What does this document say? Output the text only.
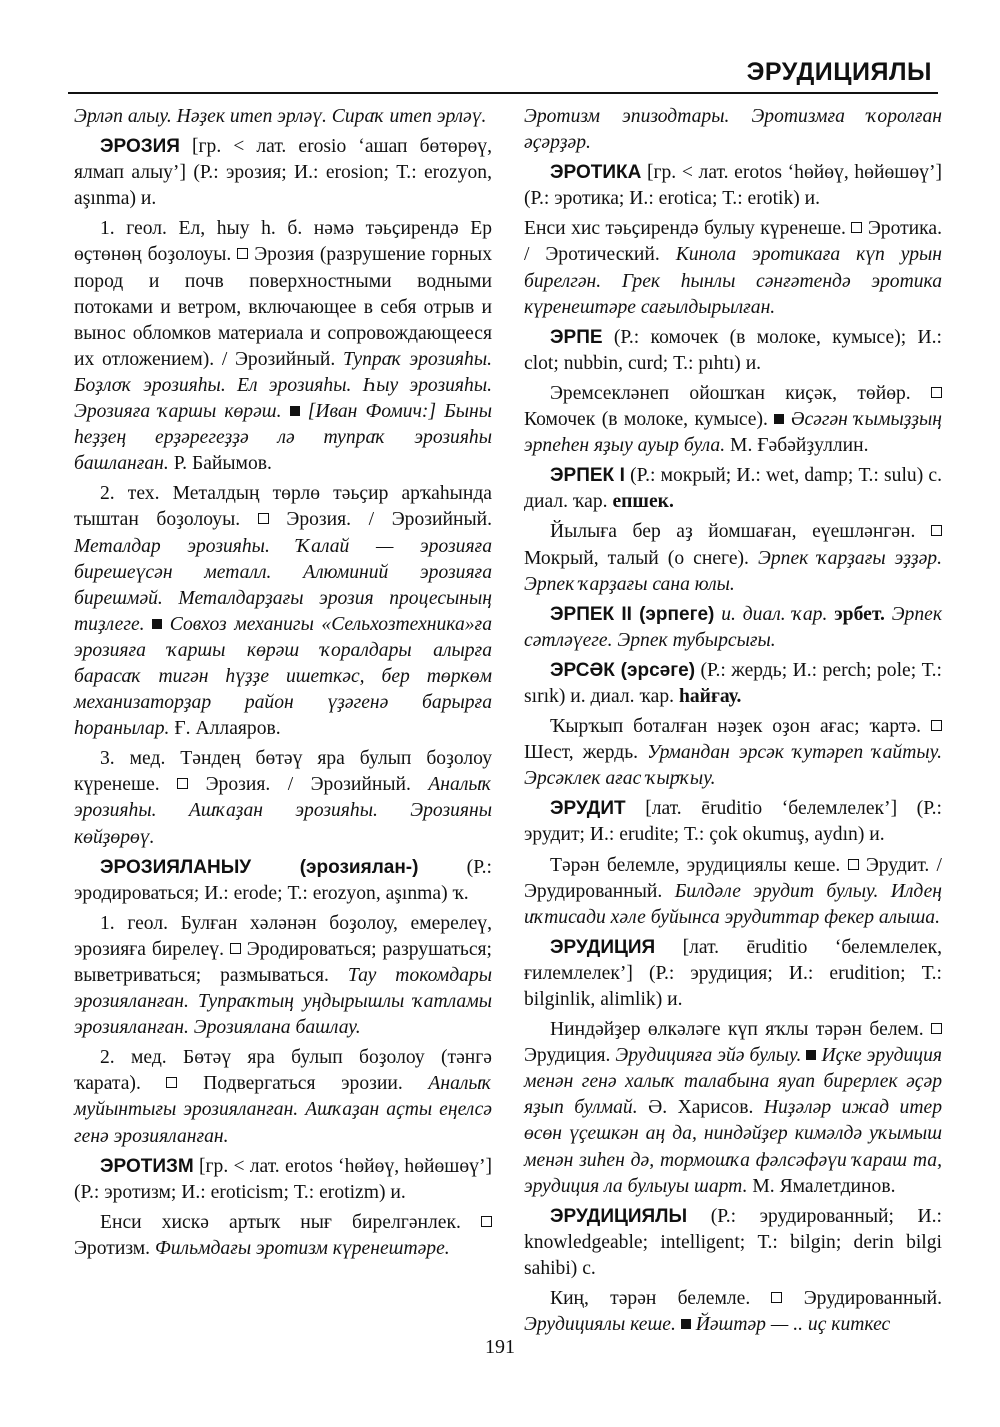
ЭРУДИЦИЯЛЫ

Эрләп алыу. Нәҙек итеп эрләү. Сираҡ итеп эрләү.

ЭРОЗИЯ [гр. < лат. erosio ‘ашап бөтөрөү, ялмап алыу’] (Р.: эрозия; И.: erosion; Т.: erozyon, aşınma) и.

1. геол. Ел, һыу һ. б. нәмә тәьҫирендә Ер өҫтөнөң боҙолоуы. Эрозия (разрушение горных пород и почв поверхностными водными потоками и ветром, включающее в себя отрыв и вынос обломков материала и сопровождающееся их отложением). / Эрозийный. Тупраҡ эрозияһы. Боҙлоҡ эрозияһы. Ел эрозияһы. Һыу эрозияһы. Эрозияға ҡаршы көрәш. [Иван Фомич:] Быны һеҙҙең ерҙәрегеҙҙә лә тупраҡ эрозияһы башланған. Р. Байымов.

2. тех. Металдың төрлө тәьҫир арҡаһында тыштан боҙолоуы. Эрозия. / Эрозийный. Металдар эрозияһы. Ҡалай — эрозияға бирешеүсән металл. Алюминий эрозияға бирешмәй. Металдарҙағы эрозия процесының тиҙлеге. Совхоз механигы «Сельхозтехника»ға эрозияға ҡаршы көрәш ҡоралдары алырға барасаҡ тигән һүҙҙе ишеткәс, бер төркөм механизаторҙар район үҙәгенә барырға һоранылар. Ғ. Аллаяров.

3. мед. Тәндең бөтәү яра булып боҙолоу күренеше. Эрозия. / Эрозийный. Аналыҡ эрозияһы. Ашҡаҙан эрозияһы. Эрозияны көйҙөрөү.

ЭРОЗИЯЛАНЫУ (эрозиялан-) (Р.: эродироваться; И.: erode; Т.: erozyon, aşınma) ҡ.

1. геол. Булған хәләнән боҙолоу, емерелеү, эрозияға бирелеү. Эродироваться; разрушаться; выветриваться; размываться. Тау токомдары эрозияланған. Тупраҡтың уңдырышлы ҡатламы эрозияланған. Эрозиялана башлау.

2. мед. Бөтәү яра булып боҙолоу (тәнгә ҡарата).	Подвергаться эрозии. Аналыҡ муйынтығы эрозияланған. Ашҡаҙан аҫты еңелсә генә эрозияланған.

ЭРОТИЗМ [гр. < лат. erotos ‘һөйөү, һөйөшөү’] (Р.: эротизм; И.: eroticism; Т.: erotizm) и.

Енси хискә артыҡ нығ бирелгәнлек.  Эротизм. Фильмдағы эротизм күренештәре.

Эротизм эпизодтары. Эротизмға ҡоролған әҫәрҙәр.

ЭРОТИКА [гр. < лат. erotos ‘һөйөү, һөйөшөү’] (Р.: эротика; И.: erotica; Т.: erotik) и.

Енси хис тәьҫирендә булыу күренеше. Эротика. / Эротический. Кинола эротикаға күп урын бирелгән. Грек һынлы сәнғәтендә эротика күренештәре сағылдырылған.

ЭРПЕ (Р.: комочек (в молоке, кумысе); И.: clot; nubbin, curd; Т.: pıhtı) и.

Эремсекләнеп ойошҡан киҫәк, төйөр.  Комочек (в молоке, кумысе). Әсәгән ҡымыҙҙың эрпеһен яҙыу ауыр була. М. Ғәбәйҙуллин.

ЭРПЕК I (Р.: мокрый; И.: wet, damp; Т.: sulu) с. диал. ҡар. епшек.

Йылыға бер аҙ йомшаған, еүешләнгән.  Мокрый, талый (о снеге). Эрпек ҡарҙағы эҙҙәр. Эрпек ҡарҙағы сана юлы.

ЭРПЕК II (эрпеге) и. диал. ҡар. эрбет. Эрпек сәтләүеге. Эрпек тубырсығы.

ЭРСӘК (эрсәге) (Р.: жердь; И.: perch; pole; Т.: sırık) и. диал. ҡар. һайғау.

Ҡырҡып боталған нәҙек оҙон ағас; ҡартә.  Шест, жердь. Урмандан эрсәк ҡутәреп ҡайтыу. Эрсәклек ағас ҡырҡыу.

ЭРУДИТ [лат. ēruditio ‘белемлелек’] (Р.: эрудит; И.: erudite; Т.: çok okumuş, aydın) и.

Тәрән белемле, эрудициялы кеше. Эрудит. / Эрудированный. Билдәле эрудит булыу. Илдең иҡтисади хәле буйынса эрудиттар фекер алыша.

ЭРУДИЦИЯ [лат. ēruditio ‘белемлелек, ғилемлелек’] (Р.: эрудиция; И.: erudition; Т.: bilginlik, alimlik) и.

Ниндәйҙер өлкәләге күп яҡлы тәрән белем.  Эрудиция. Эрудицияға эйә булыу. Иҫке эрудиция менән генә халыҡ талабына яуап бирерлек әҫәр яҙып булмай. Ә. Харисов. Ниҙәләр ижад итер өсөн үҫешкән аң да, ниндәйҙер кимәлдә уҡымыш менән зиһен дә, тормошҡа фәлсәфәүи ҡараш та, эрудиция ла булыуы шарт. М. Ямалетдинов.

ЭРУДИЦИЯЛЫ (Р.: эрудированный; И.: knowledgeable; intelligent; Т.: bilgin; derin bilgi sahibi) с.

Киң, тәрән белемле.	Эрудированный. Эрудициялы кеше. Йәштәр — .. иҫ киткес

191
